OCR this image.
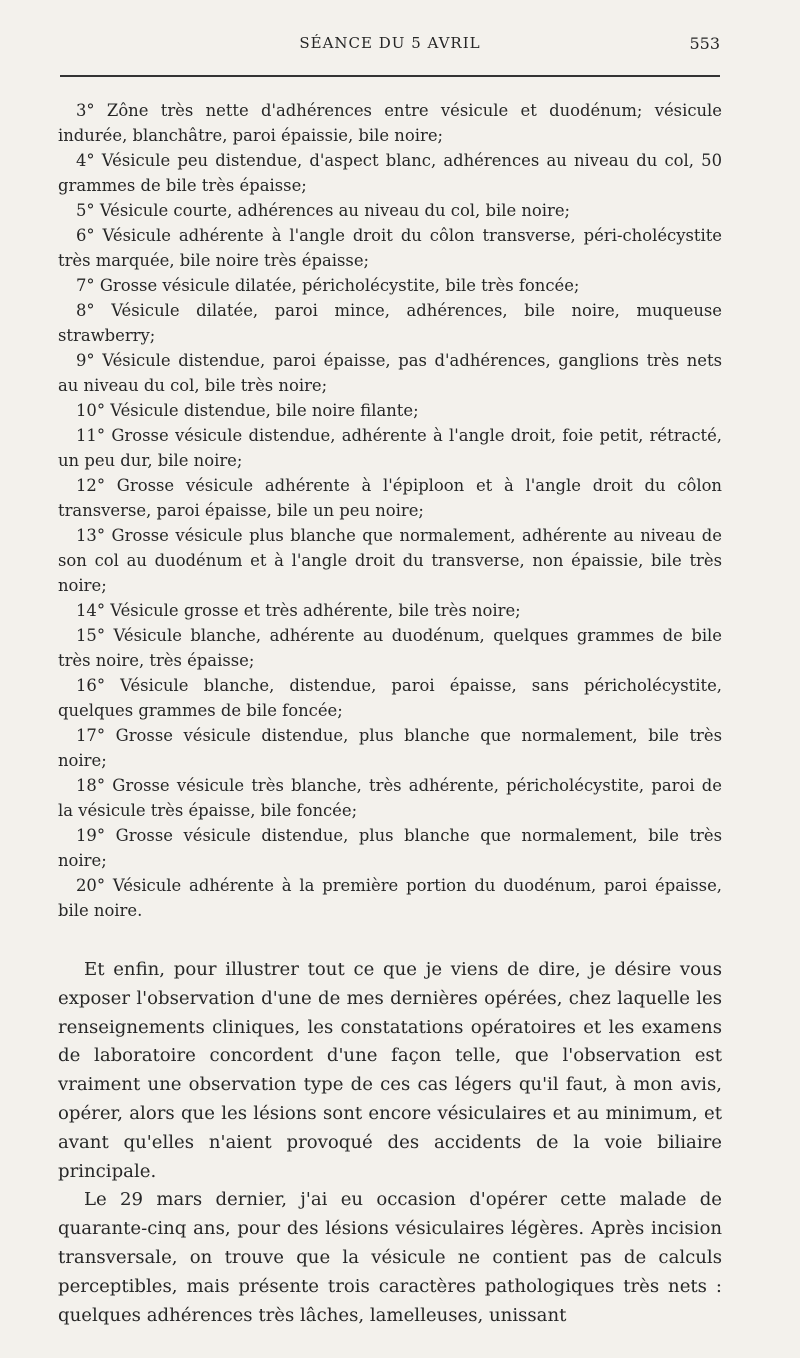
SÉANCE DU 5 AVRIL	553

3° Zône très nette d'adhérences entre vésicule et duodénum; vésicule indurée, blanchâtre, paroi épaissie, bile noire;

4° Vésicule peu distendue, d'aspect blanc, adhérences au niveau du col, 50 grammes de bile très épaisse;

5° Vésicule courte, adhérences au niveau du col, bile noire;

6° Vésicule adhérente à l'angle droit du côlon transverse, péri-cholécystite très marquée, bile noire très épaisse;

7° Grosse vésicule dilatée, péricholécystite, bile très foncée;

8° Vésicule dilatée, paroi mince, adhérences, bile noire, muqueuse strawberry;

9° Vésicule distendue, paroi épaisse, pas d'adhérences, ganglions très nets au niveau du col, bile très noire;

10° Vésicule distendue, bile noire filante;

11° Grosse vésicule distendue, adhérente à l'angle droit, foie petit, rétracté, un peu dur, bile noire;

12° Grosse vésicule adhérente à l'épiploon et à l'angle droit du côlon transverse, paroi épaisse, bile un peu noire;

13° Grosse vésicule plus blanche que normalement, adhérente au niveau de son col au duodénum et à l'angle droit du transverse, non épaissie, bile très noire;

14° Vésicule grosse et très adhérente, bile très noire;

15° Vésicule blanche, adhérente au duodénum, quelques grammes de bile très noire, très épaisse;

16° Vésicule blanche, distendue, paroi épaisse, sans péricholécystite, quelques grammes de bile foncée;

17° Grosse vésicule distendue, plus blanche que normalement, bile très noire;

18° Grosse vésicule très blanche, très adhérente, péricholécystite, paroi de la vésicule très épaisse, bile foncée;

19° Grosse vésicule distendue, plus blanche que normalement, bile très noire;

20° Vésicule adhérente à la première portion du duodénum, paroi épaisse, bile noire.

Et enfin, pour illustrer tout ce que je viens de dire, je désire vous exposer l'observation d'une de mes dernières opérées, chez laquelle les renseignements cliniques, les constatations opératoires et les examens de laboratoire concordent d'une façon telle, que l'observation est vraiment une observation type de ces cas légers qu'il faut, à mon avis, opérer, alors que les lésions sont encore vésiculaires et au minimum, et avant qu'elles n'aient provoqué des accidents de la voie biliaire principale.

Le 29 mars dernier, j'ai eu occasion d'opérer cette malade de quarante-cinq ans, pour des lésions vésiculaires légères. Après incision transversale, on trouve que la vésicule ne contient pas de calculs perceptibles, mais présente trois caractères pathologiques très nets : quelques adhérences très lâches, lamelleuses, unissant
